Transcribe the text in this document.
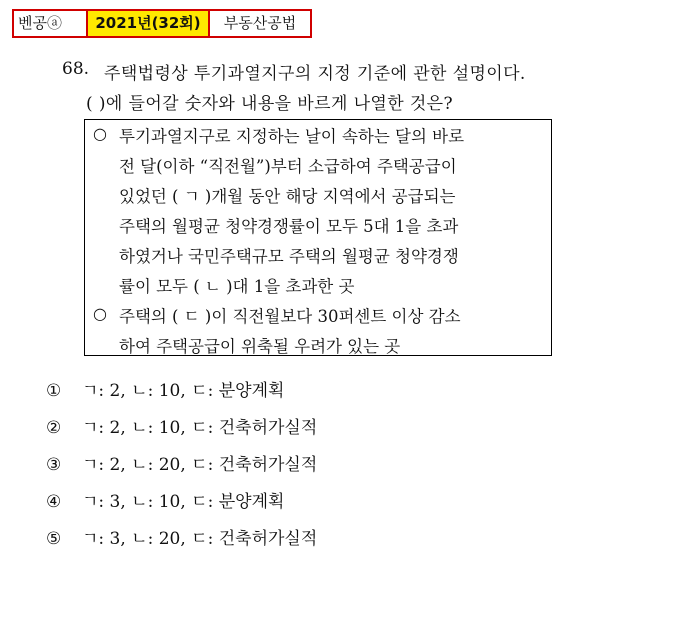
벤공ⓐ	2021년(32회)	부동산공법
68. 주택법령상 투기과열지구의 지정 기준에 관한 설명이다.
( )에 들어갈 숫자와 내용을 바르게 나열한 것은?
○ 투기과열지구로 지정하는 날이 속하는 달의 바로
전 달(이하 “직전월”)부터 소급하여 주택공급이
있었던 ( ㄱ )개월 동안 해당 지역에서 공급되는
주택의 월평균 청약경쟁률이 모두 5대 1을 초과
하였거나 국민주택규모 주택의 월평균 청약경쟁
률이 모두 ( ㄴ )대 1을 초과한 곳
○ 주택의 ( ㄷ )이 직전월보다 30퍼센트 이상 감소
하여 주택공급이 위축될 우려가 있는 곳
① ㄱ: 2, ㄴ: 10, ㄷ: 분양계획
② ㄱ: 2, ㄴ: 10, ㄷ: 건축허가실적
③ ㄱ: 2, ㄴ: 20, ㄷ: 건축허가실적
④ ㄱ: 3, ㄴ: 10, ㄷ: 분양계획
⑤ ㄱ: 3, ㄴ: 20, ㄷ: 건축허가실적
